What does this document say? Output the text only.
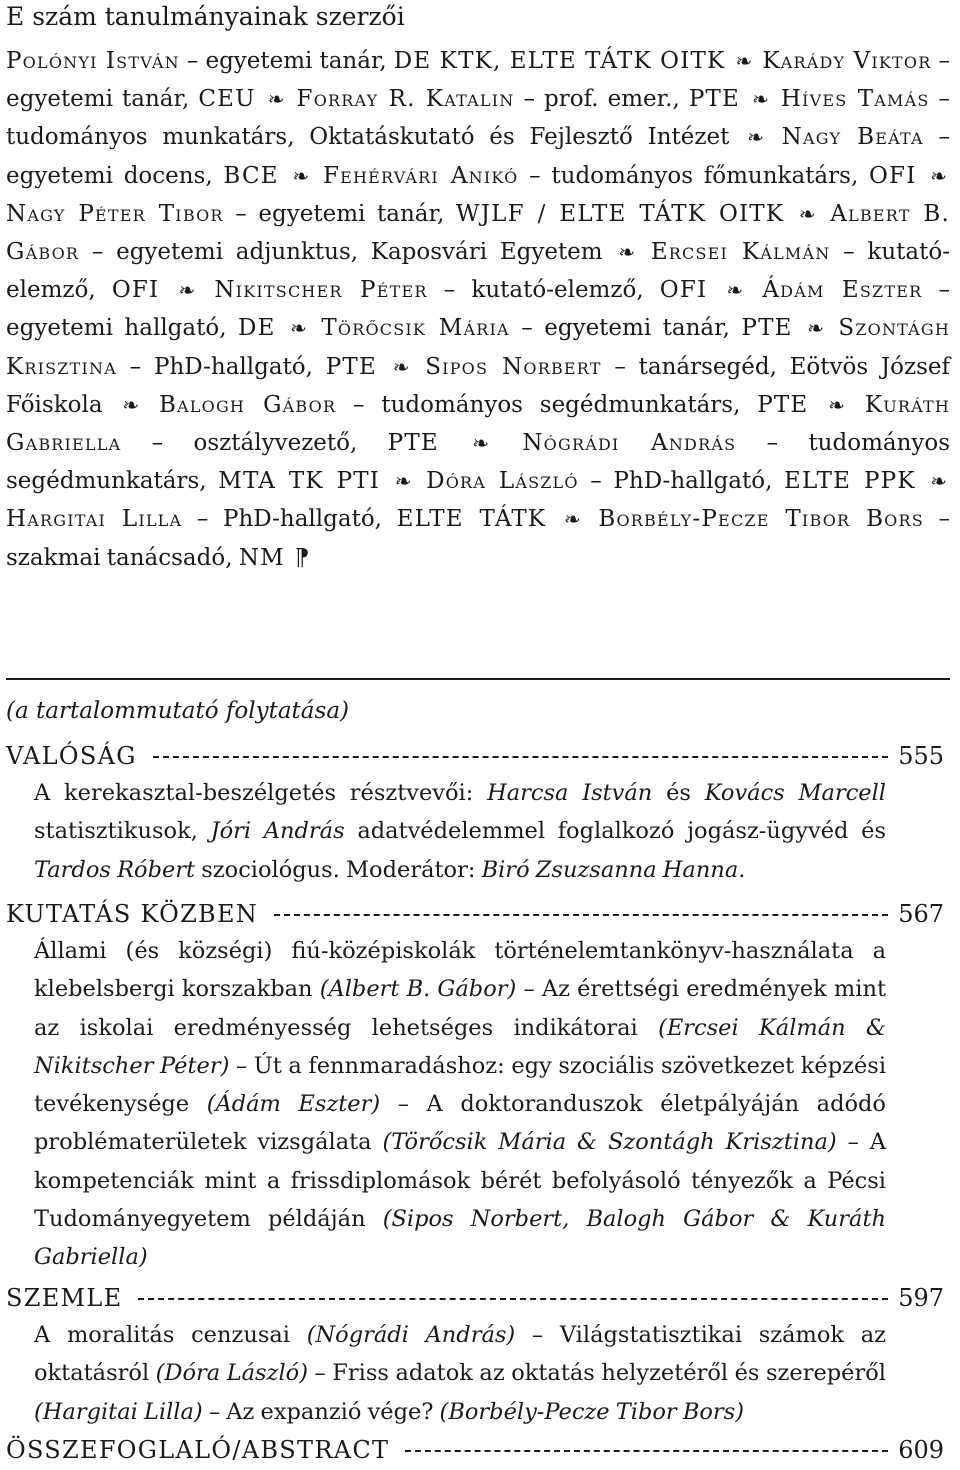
E szám tanulmányainak szerzői
Polónyi István – egyetemi tanár, DE KTK, ELTE TÁTK OITK ❧ Karády Viktor – egyetemi tanár, CEU ❧ Forray R. Katalin – prof. emer., PTE ❧ Híves Tamás – tudományos munkatárs, Oktatáskutató és Fejlesztő Intézet ❧ Nagy Beáta – egyetemi docens, BCE ❧ Fehérvári Anikó – tudományos főmunkatárs, OFI ❧ Nagy Péter Tibor – egyetemi tanár, WJLF / ELTE TÁTK OITK ❧ Albert B. Gábor – egyetemi adjunktus, Kaposvári Egyetem ❧ Ercsei Kálmán – kutató-elemző, OFI ❧ Nikitscher Péter – kutató-elemző, OFI ❧ Ádám Eszter – egyetemi hallgató, DE ❧ Törőcsik Mária – egyetemi tanár, PTE ❧ Szontágh Krisztina – PhD-hallgató, PTE ❧ Sipos Norbert – tanársegéd, Eötvös József Főiskola ❧ Balogh Gábor – tudományos segédmunkatárs, PTE ❧ Kuráth Gabriella – osztályvezető, PTE ❧ Nógrádi András – tudományos segédmunkatárs, MTA TK PTI ❧ Dóra László – PhD-hallgató, ELTE PPK ❧ Hargitai Lilla – PhD-hallgató, ELTE TÁTK ❧ Borbély-Pecze Tibor Bors – szakmai tanácsadó, NM ¶
(a tartalommutató folytatása)
VALÓSÁG	555

A kerekasztal-beszélgetés résztvevői: Harcsa István és Kovács Marcell statisztikusok, Jóri András adatvédelemmel foglalkozó jogász-ügyvéd és Tardos Róbert szociológus. Moderátor: Biró Zsuzsanna Hanna.

KUTATÁS KÖZBEN	567

Állami (és községi) fiú-középiskolák történelemtankönyv-használata a klebelsbergi korszakban (Albert B. Gábor) – Az érettségi eredmények mint az iskolai eredményesség lehetséges indikátorai (Ercsei Kálmán & Nikitscher Péter) – Út a fennmaradáshoz: egy szociális szövetkezet képzési tevékenysége (Ádám Eszter) – A doktoranduszok életpályáján adódó problématerületek vizsgálata (Törőcsik Mária & Szontágh Krisztina) – A kompetenciák mint a frissdiplomások bérét befolyásoló tényezők a Pécsi Tudományegyetem példáján (Sipos Norbert, Balogh Gábor & Kuráth Gabriella)

SZEMLE	597

A moralitás cenzusai (Nógrádi András) – Világstatisztikai számok az oktatásról (Dóra László) – Friss adatok az oktatás helyzetéről és szerepéről (Hargitai Lilla) – Az expanzió vége? (Borbély-Pecze Tibor Bors)

ÖSSZEFOGLALÓ/ABSTRACT	609
